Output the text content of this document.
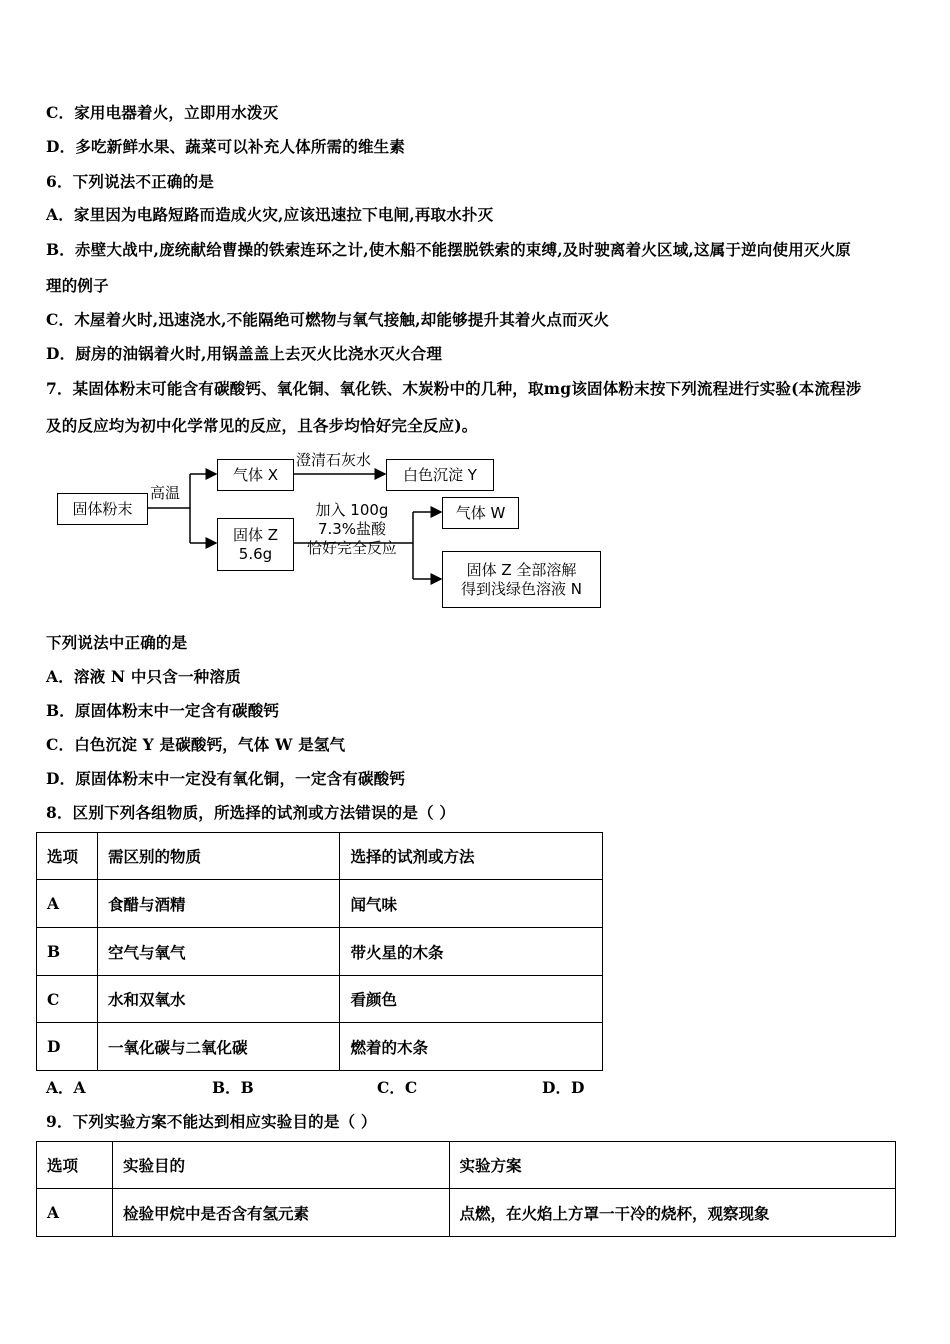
C．家用电器着火，立即用水泼灭
D．多吃新鲜水果、蔬菜可以补充人体所需的维生素
6．下列说法不正确的是
A．家里因为电路短路而造成火灾,应该迅速拉下电闸,再取水扑灭
B．赤壁大战中,庞统献给曹操的铁索连环之计,使木船不能摆脱铁索的束缚,及时驶离着火区域,这属于逆向使用灭火原
理的例子
C．木屋着火时,迅速浇水,不能隔绝可燃物与氧气接触,却能够提升其着火点而灭火
D．厨房的油锅着火时,用锅盖盖上去灭火比浇水灭火合理
7．某固体粉末可能含有碳酸钙、氧化铜、氧化铁、木炭粉中的几种，取mg该固体粉末按下列流程进行实验(本流程涉
及的反应均为初中化学常见的反应，且各步均恰好完全反应)。
固体粉末
高温
气体 X
澄清石灰水
白色沉淀 Y
固体 Z
5.6g
加入 100g
7.3%盐酸
恰好完全反应
气体 W
固体 Z 全部溶解
得到浅绿色溶液 N
下列说法中正确的是
A．溶液 N 中只含一种溶质
B．原固体粉末中一定含有碳酸钙
C．白色沉淀 Y 是碳酸钙，气体 W 是氢气
D．原固体粉末中一定没有氧化铜，一定含有碳酸钙
8．区别下列各组物质，所选择的试剂或方法错误的是（ ）
选项	需区别的物质	选择的试剂或方法
A	食醋与酒精	闻气味
B	空气与氧气	带火星的木条
C	水和双氧水	看颜色
D	一氧化碳与二氧化碳	燃着的木条
A．A	B．B	C．C	D．D
9．下列实验方案不能达到相应实验目的是（ ）
选项	实验目的	实验方案
A	检验甲烷中是否含有氢元素	点燃，在火焰上方罩一干冷的烧杯，观察现象
